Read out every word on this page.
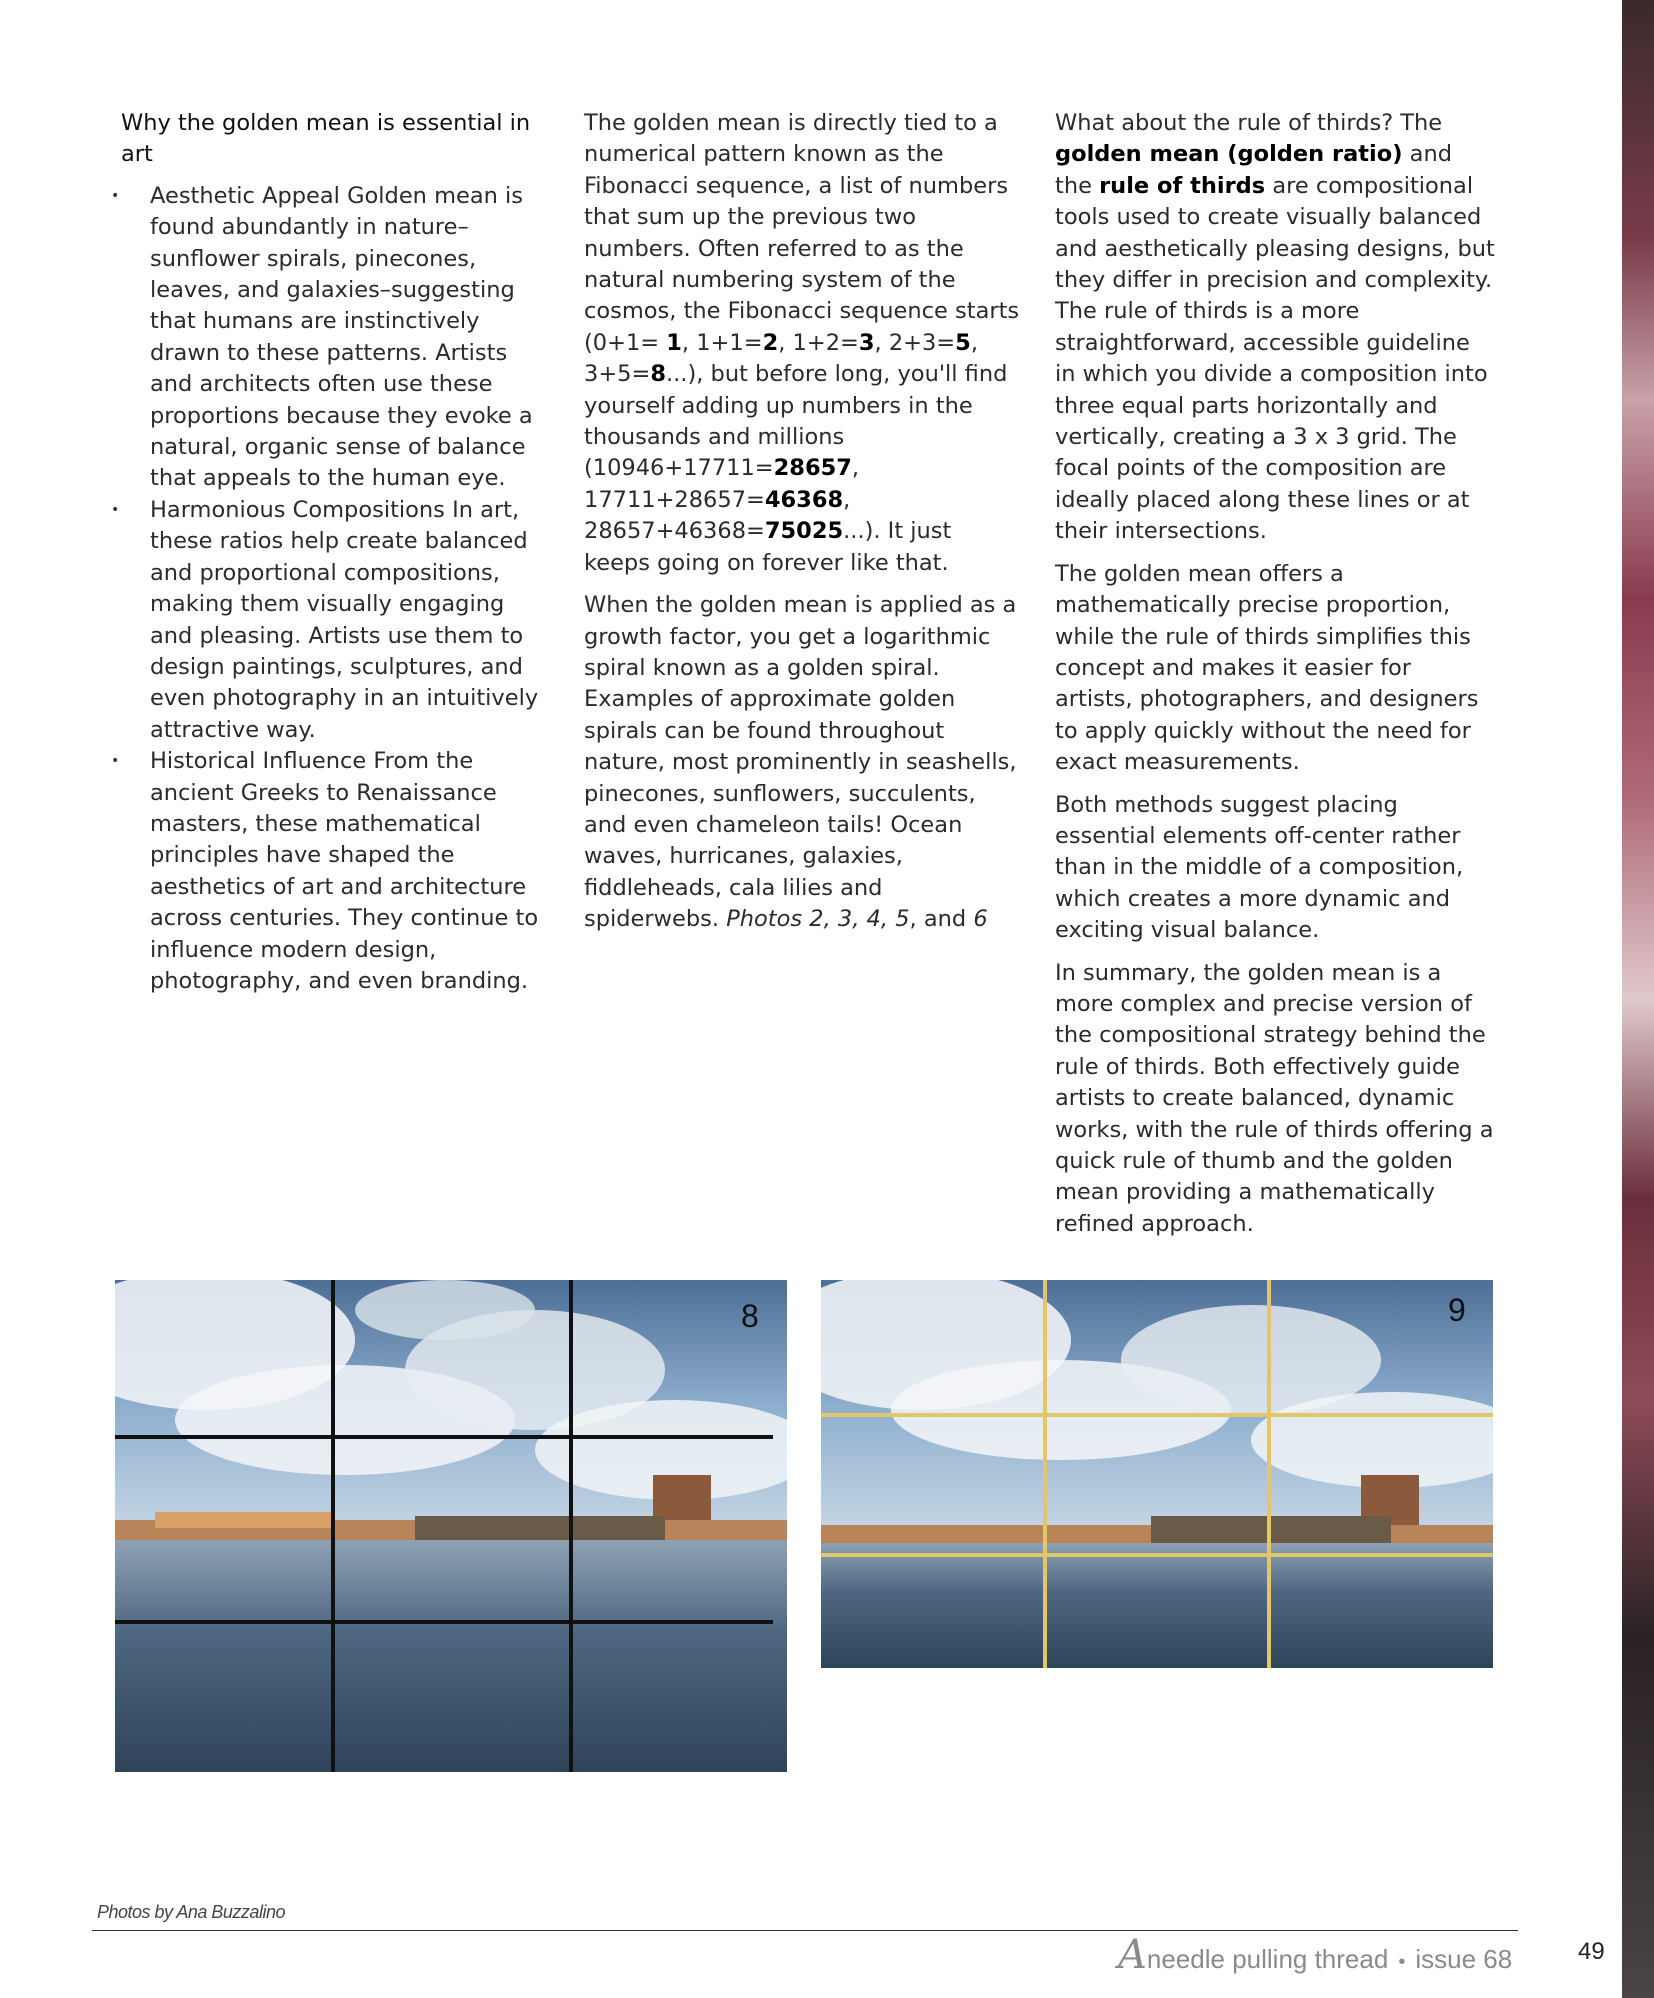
Why the golden mean is essential in art
• Aesthetic Appeal Golden mean is found abundantly in nature–sunflower spirals, pinecones, leaves, and galaxies–suggesting that humans are instinctively drawn to these patterns. Artists and architects often use these proportions because they evoke a natural, organic sense of balance that appeals to the human eye.
• Harmonious Compositions In art, these ratios help create balanced and proportional compositions, making them visually engaging and pleasing. Artists use them to design paintings, sculptures, and even photography in an intuitively attractive way.
• Historical Influence From the ancient Greeks to Renaissance masters, these mathematical principles have shaped the aesthetics of art and architecture across centuries. They continue to influence modern design, photography, and even branding.

The golden mean is directly tied to a numerical pattern known as the Fibonacci sequence, a list of numbers that sum up the previous two numbers. Often referred to as the natural numbering system of the cosmos, the Fibonacci sequence starts (0+1= 1, 1+1=2, 1+2=3, 2+3=5, 3+5=8...), but before long, you'll find yourself adding up numbers in the thousands and millions (10946+17711=28657, 17711+28657=46368, 28657+46368=75025...). It just keeps going on forever like that.

When the golden mean is applied as a growth factor, you get a logarithmic spiral known as a golden spiral. Examples of approximate golden spirals can be found throughout nature, most prominently in seashells, pinecones, sunflowers, succulents, and even chameleon tails! Ocean waves, hurricanes, galaxies, fiddleheads, cala lilies and spiderwebs. Photos 2, 3, 4, 5, and 6

What about the rule of thirds? The golden mean (golden ratio) and the rule of thirds are compositional tools used to create visually balanced and aesthetically pleasing designs, but they differ in precision and complexity. The rule of thirds is a more straightforward, accessible guideline in which you divide a composition into three equal parts horizontally and vertically, creating a 3 x 3 grid. The focal points of the composition are ideally placed along these lines or at their intersections.

The golden mean offers a mathematically precise proportion, while the rule of thirds simplifies this concept and makes it easier for artists, photographers, and designers to apply quickly without the need for exact measurements.

Both methods suggest placing essential elements off-center rather than in the middle of a composition, which creates a more dynamic and exciting visual balance.

In summary, the golden mean is a more complex and precise version of the compositional strategy behind the rule of thirds. Both effectively guide artists to create balanced, dynamic works, with the rule of thirds offering a quick rule of thumb and the golden mean providing a mathematically refined approach.

8	9
Photos by Ana Buzzalino
Aneedle pulling thread • issue 68	49
